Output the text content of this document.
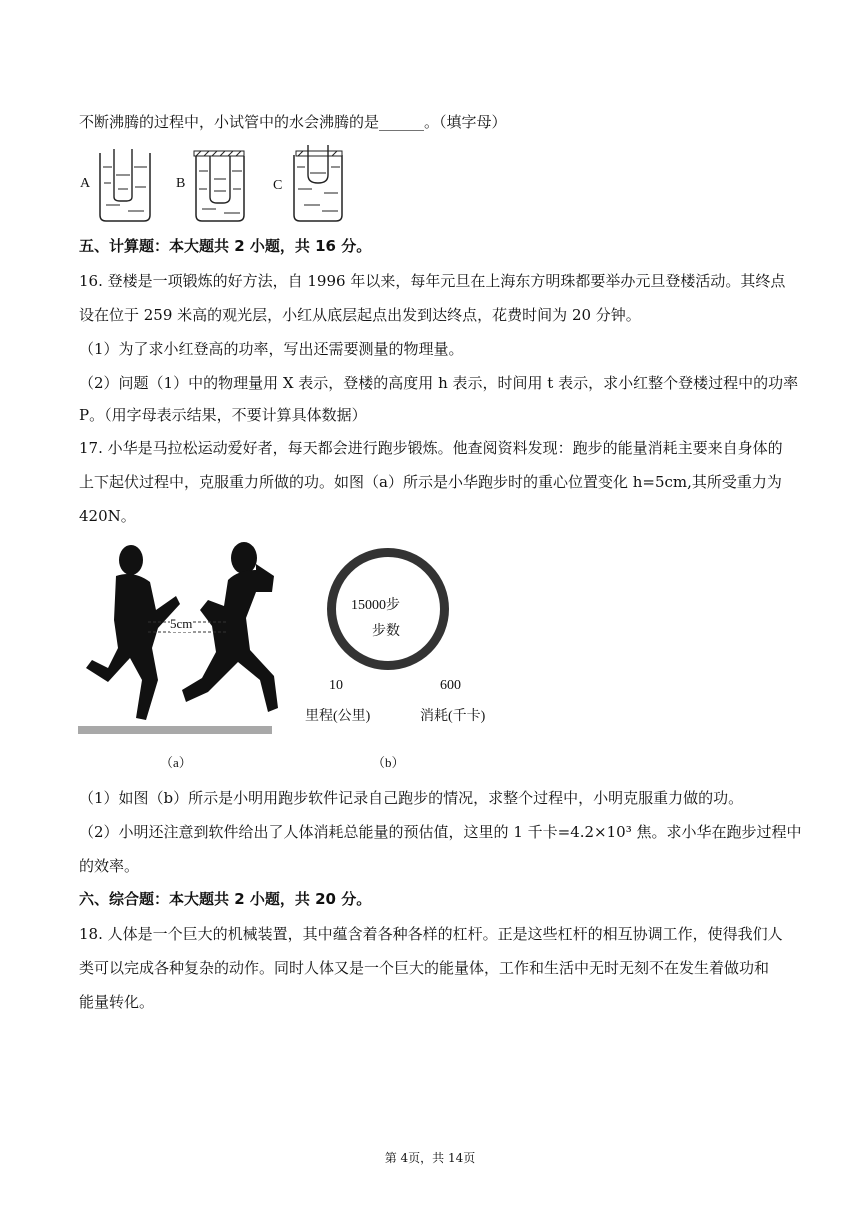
不断沸腾的过程中，小试管中的水会沸腾的是______。（填字母）
A	B	C
五、计算题：本大题共 2 小题，共 16 分。
16. 登楼是一项锻炼的好方法，自 1996 年以来，每年元旦在上海东方明珠都要举办元旦登楼活动。其终点
设在位于 259 米高的观光层，小红从底层起点出发到达终点，花费时间为 20 分钟。
（1）为了求小红登高的功率，写出还需要测量的物理量。
（2）问题（1）中的物理量用 X 表示，登楼的高度用 h 表示，时间用 t 表示，求小红整个登楼过程中的功率
P。（用字母表示结果，不要计算具体数据）
17. 小华是马拉松运动爱好者，每天都会进行跑步锻炼。他查阅资料发现：跑步的能量消耗主要来自身体的
上下起伏过程中，克服重力所做的功。如图（a）所示是小华跑步时的重心位置变化 h=5cm,其所受重力为
420N。
5cm
（a）
15000步
步数
10
里程(公里)
600
消耗(千卡)
（b）
（1）如图（b）所示是小明用跑步软件记录自己跑步的情况，求整个过程中，小明克服重力做的功。
（2）小明还注意到软件给出了人体消耗总能量的预估值，这里的 1 千卡=4.2×10³ 焦。求小华在跑步过程中
的效率。
六、综合题：本大题共 2 小题，共 20 分。
18. 人体是一个巨大的机械装置，其中蕴含着各种各样的杠杆。正是这些杠杆的相互协调工作，使得我们人
类可以完成各种复杂的动作。同时人体又是一个巨大的能量体，工作和生活中无时无刻不在发生着做功和
能量转化。
第 4页，共 14页
